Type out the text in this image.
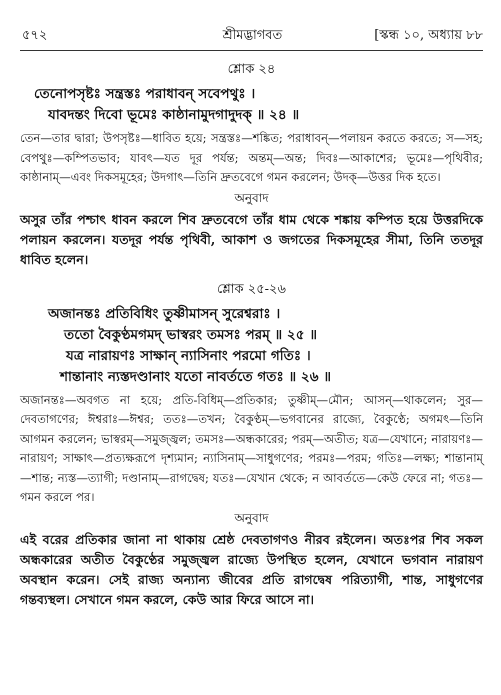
৫৭২	শ্রীমদ্ভাগবত	[স্কন্ধ ১০, অধ্যায় ৮৮
শ্লোক ২৪
তেনোপসৃষ্টঃ সন্ত্রস্তঃ পরাধাবন্‌ সবেপথুঃ ।
যাবদন্তং দিবো ভূমেঃ কাষ্ঠানামুদগাদুদক্‌ ॥ ২৪ ॥
তেন—তার দ্বারা; উপসৃষ্টঃ—ধাবিত হয়ে; সন্ত্রস্তঃ—শঙ্কিত; পরাধাবন্‌—পলায়ন করতে করতে; স—সহ; বেপথুঃ—কম্পিতভাব; যাবৎ—যত দূর পর্যন্ত; অন্তম্‌—অন্ত; দিবঃ—আকাশের; ভূমেঃ—পৃথিবীর; কাষ্ঠানাম্‌—এবং দিকসমূহের; উদগাৎ—তিনি দ্রুতবেগে গমন করলেন; উদক্‌—উত্তর দিক হতে।
অনুবাদ
অসুর তাঁর পশ্চাৎ ধাবন করলে শিব দ্রুতবেগে তাঁর ধাম থেকে শঙ্কায় কম্পিত হয়ে উত্তরদিকে পলায়ন করলেন। যতদূর পর্যন্ত পৃথিবী, আকাশ ও জগতের দিকসমূহের সীমা, তিনি ততদূর ধাবিত হলেন।
শ্লোক ২৫-২৬
অজানন্তঃ প্রতিবিধিং তুষ্ণীমাসন্‌ সুরেশ্বরাঃ ।
ততো বৈকুণ্ঠমগমদ্‌ ভাস্বরং তমসঃ পরম্‌ ॥ ২৫ ॥
যত্র নারায়ণঃ সাক্ষান্‌ ন্যাসিনাং পরমো গতিঃ ।
শান্তানাং ন্যস্তদণ্ডানাং যতো নাবর্ততে গতঃ ॥ ২৬ ॥
অজানন্তঃ—অবগত না হয়ে; প্রতি-বিধিম্‌—প্রতিকার; তুষ্ণীম্‌—মৌন; আসন্‌—থাকলেন; সুর—দেবতাগণের; ঈশ্বরাঃ—ঈশ্বর; ততঃ—তখন; বৈকুণ্ঠম্‌—ভগবানের রাজ্যে, বৈকুণ্ঠে; অগমৎ—তিনি আগমন করলেন; ভাস্বরম্‌—সমুজ্জ্বল; তমসঃ—অন্ধকারের; পরম্‌—অতীত; যত্র—যেখানে; নারায়ণঃ—নারায়ণ; সাক্ষাৎ—প্রত্যক্ষরূপে দৃশ্যমান; ন্যাসিনাম্‌—সাধুগণের; পরমঃ—পরম; গতিঃ—লক্ষ্য; শান্তানাম্‌—শান্ত; ন্যস্ত—ত্যাগী; দণ্ডানাম্‌—রাগদ্বেষ; যতঃ—যেখান থেকে; ন আবর্ততে—কেউ ফেরে না; গতঃ—গমন করলে পর।
অনুবাদ
এই বরের প্রতিকার জানা না থাকায় শ্রেষ্ঠ দেবতাগণও নীরব রইলেন। অতঃপর শিব সকল অন্ধকারের অতীত বৈকুণ্ঠের সমুজ্জ্বল রাজ্যে উপস্থিত হলেন, যেখানে ভগবান নারায়ণ অবস্থান করেন। সেই রাজ্য অন্যান্য জীবের প্রতি রাগদ্বেষ পরিত্যাগী, শান্ত, সাধুগণের গন্তব্যস্থল। সেখানে গমন করলে, কেউ আর ফিরে আসে না।
